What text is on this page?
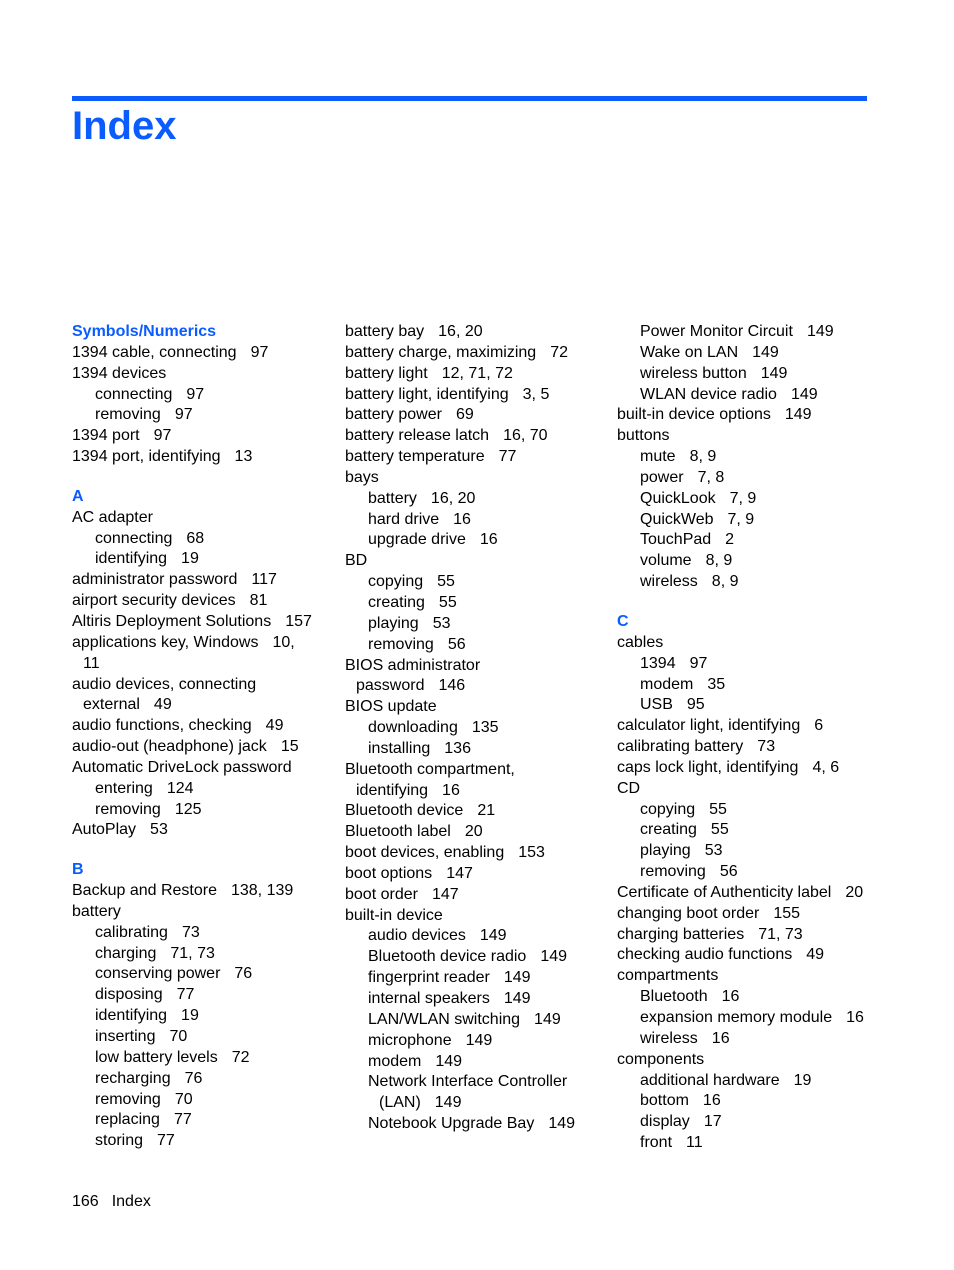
Index
Symbols/Numerics
1394 cable, connecting 97
1394 devices
connecting 97
removing 97
1394 port 97
1394 port, identifying 13
A
AC adapter
connecting 68
identifying 19
administrator password 117
airport security devices 81
Altiris Deployment Solutions 157
applications key, Windows 10,
11
audio devices, connecting
external 49
audio functions, checking 49
audio-out (headphone) jack 15
Automatic DriveLock password
entering 124
removing 125
AutoPlay 53
B
Backup and Restore 138, 139
battery
calibrating 73
charging 71, 73
conserving power 76
disposing 77
identifying 19
inserting 70
low battery levels 72
recharging 76
removing 70
replacing 77
storing 77
battery bay 16, 20
battery charge, maximizing 72
battery light 12, 71, 72
battery light, identifying 3, 5
battery power 69
battery release latch 16, 70
battery temperature 77
bays
battery 16, 20
hard drive 16
upgrade drive 16
BD
copying 55
creating 55
playing 53
removing 56
BIOS administrator
password 146
BIOS update
downloading 135
installing 136
Bluetooth compartment,
identifying 16
Bluetooth device 21
Bluetooth label 20
boot devices, enabling 153
boot options 147
boot order 147
built-in device
audio devices 149
Bluetooth device radio 149
fingerprint reader 149
internal speakers 149
LAN/WLAN switching 149
microphone 149
modem 149
Network Interface Controller
(LAN) 149
Notebook Upgrade Bay 149
Power Monitor Circuit 149
Wake on LAN 149
wireless button 149
WLAN device radio 149
built-in device options 149
buttons
mute 8, 9
power 7, 8
QuickLook 7, 9
QuickWeb 7, 9
TouchPad 2
volume 8, 9
wireless 8, 9
C
cables
1394 97
modem 35
USB 95
calculator light, identifying 6
calibrating battery 73
caps lock light, identifying 4, 6
CD
copying 55
creating 55
playing 53
removing 56
Certificate of Authenticity label 20
changing boot order 155
charging batteries 71, 73
checking audio functions 49
compartments
Bluetooth 16
expansion memory module 16
wireless 16
components
additional hardware 19
bottom 16
display 17
front 11
166 Index
